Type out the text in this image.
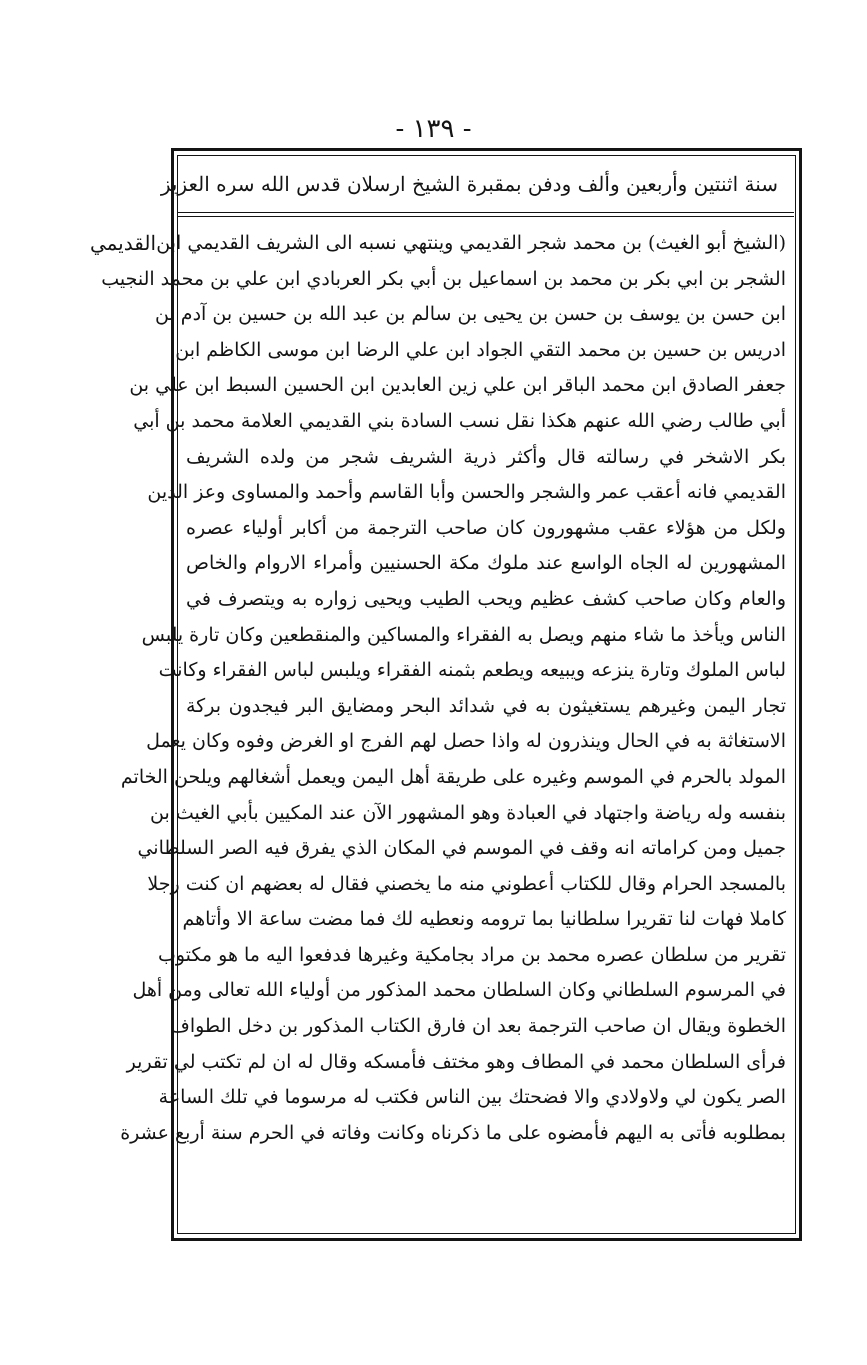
- ١٣٩ -
سنة اثنتين وأربعين وألف ودفن بمقبرة الشيخ ارسلان قدس الله سره العزيز
القديمي (الشيخ أبو الغيث) بن محمد شجر القديمي وينتهي نسبه الى الشريف القديمي ابن
الشجر بن ابي بكر بن محمد بن اسماعيل بن أبي بكر العربادي ابن علي بن محمد النجيب
ابن حسن بن يوسف بن حسن بن يحيى بن سالم بن عبد الله بن حسين بن آدم بن
ادريس بن حسين بن محمد التقي الجواد ابن علي الرضا ابن موسى الكاظم ابن
جعفر الصادق ابن محمد الباقر ابن علي زين العابدين ابن الحسين السبط ابن علي بن
أبي طالب رضي الله عنهم هكذا نقل نسب السادة بني القديمي العلامة محمد بن أبي
بكر الاشخر في رسالته قال وأكثر ذرية الشريف شجر من ولده الشريف
القديمي فانه أعقب عمر والشجر والحسن وأبا القاسم وأحمد والمساوى وعز الدين
ولكل من هؤلاء عقب مشهورون كان صاحب الترجمة من أكابر أولياء عصره
المشهورين له الجاه الواسع عند ملوك مكة الحسنيين وأمراء الاروام والخاص
والعام وكان صاحب كشف عظيم ويحب الطيب ويحيى زواره به ويتصرف في
الناس ويأخذ ما شاء منهم ويصل به الفقراء والمساكين والمنقطعين وكان تارة يلبس
لباس الملوك وتارة ينزعه ويبيعه ويطعم بثمنه الفقراء ويلبس لباس الفقراء وكانت
تجار اليمن وغيرهم يستغيثون به في شدائد البحر ومضايق البر فيجدون بركة
الاستغاثة به في الحال وينذرون له واذا حصل لهم الفرج او الغرض وفوه وكان يعمل
المولد بالحرم في الموسم وغيره على طريقة أهل اليمن ويعمل أشغالهم ويلحن الخاتم
بنفسه وله رياضة واجتهاد في العبادة وهو المشهور الآن عند المكيين بأبي الغيث بن
جميل ومن كراماته انه وقف في الموسم في المكان الذي يفرق فيه الصر السلطاني
بالمسجد الحرام وقال للكتاب أعطوني منه ما يخصني فقال له بعضهم ان كنت رجلا
كاملا فهات لنا تقريرا سلطانيا بما ترومه ونعطيه لك فما مضت ساعة الا وأتاهم
تقرير من سلطان عصره محمد بن مراد بجامكية وغيرها فدفعوا اليه ما هو مكتوب
في المرسوم السلطاني وكان السلطان محمد المذكور من أولياء الله تعالى ومن أهل
الخطوة ويقال ان صاحب الترجمة بعد ان فارق الكتاب المذكور بن دخل الطواف
فرأى السلطان محمد في المطاف وهو مختف فأمسكه وقال له ان لم تكتب لي تقرير
الصر يكون لي ولاولادي والا فضحتك بين الناس فكتب له مرسوما في تلك الساعة
بمطلوبه فأتى به اليهم فأمضوه على ما ذكرناه وكانت وفاته في الحرم سنة أربع عشرة
